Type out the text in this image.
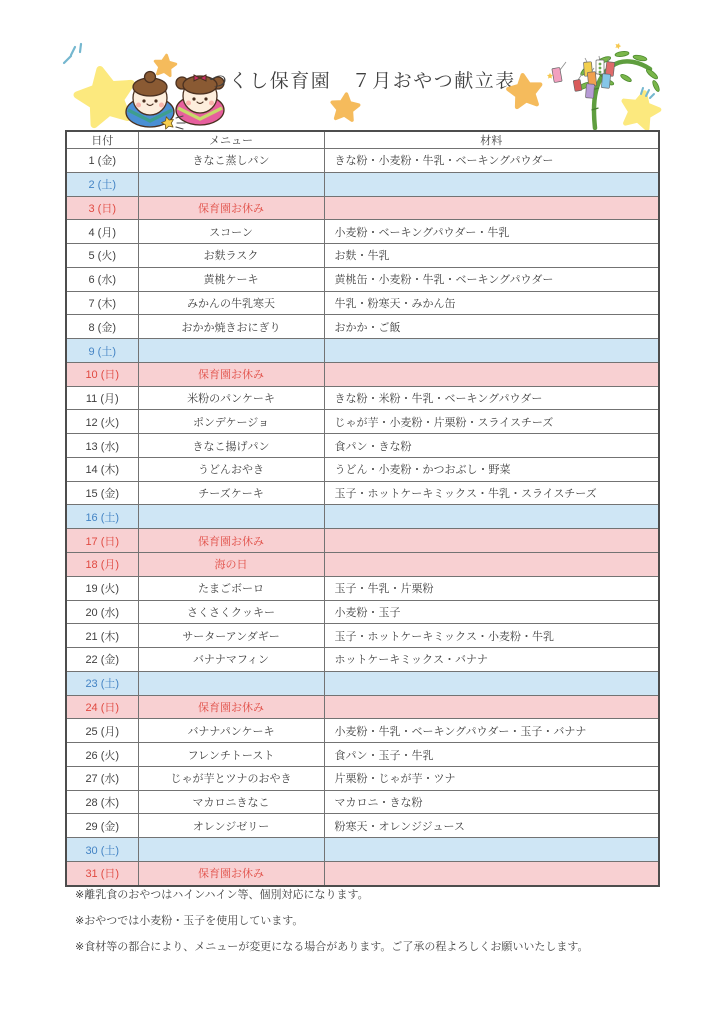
つくし保育園　７月おやつ献立表
日付	メニュー	材料
1 (金)	きなこ蒸しパン	きな粉・小麦粉・牛乳・ベーキングパウダー
2 (土)		
3 (日)	保育園お休み	
4 (月)	スコーン	小麦粉・ベーキングパウダー・牛乳
5 (火)	お麩ラスク	お麩・牛乳
6 (水)	黄桃ケーキ	黄桃缶・小麦粉・牛乳・ベーキングパウダー
7 (木)	みかんの牛乳寒天	牛乳・粉寒天・みかん缶
8 (金)	おかか焼きおにぎり	おかか・ご飯
9 (土)		
10 (日)	保育園お休み	
11 (月)	米粉のパンケーキ	きな粉・米粉・牛乳・ベーキングパウダー
12 (火)	ポンデケージョ	じゃが芋・小麦粉・片栗粉・スライスチーズ
13 (水)	きなこ揚げパン	食パン・きな粉
14 (木)	うどんおやき	うどん・小麦粉・かつおぶし・野菜
15 (金)	チーズケーキ	玉子・ホットケーキミックス・牛乳・スライスチーズ
16 (土)		
17 (日)	保育園お休み	
18 (月)	海の日	
19 (火)	たまごボーロ	玉子・牛乳・片栗粉
20 (水)	さくさくクッキー	小麦粉・玉子
21 (木)	サーターアンダギー	玉子・ホットケーキミックス・小麦粉・牛乳
22 (金)	バナナマフィン	ホットケーキミックス・バナナ
23 (土)		
24 (日)	保育園お休み	
25 (月)	バナナパンケーキ	小麦粉・牛乳・ベーキングパウダー・玉子・バナナ
26 (火)	フレンチトースト	食パン・玉子・牛乳
27 (水)	じゃが芋とツナのおやき	片栗粉・じゃが芋・ツナ
28 (木)	マカロニきなこ	マカロニ・きな粉
29 (金)	オレンジゼリー	粉寒天・オレンジジュース
30 (土)		
31 (日)	保育園お休み	
※離乳食のおやつはハインハイン等、個別対応になります。
※おやつでは小麦粉・玉子を使用しています。
※食材等の都合により、メニューが変更になる場合があります。ご了承の程よろしくお願いいたします。
